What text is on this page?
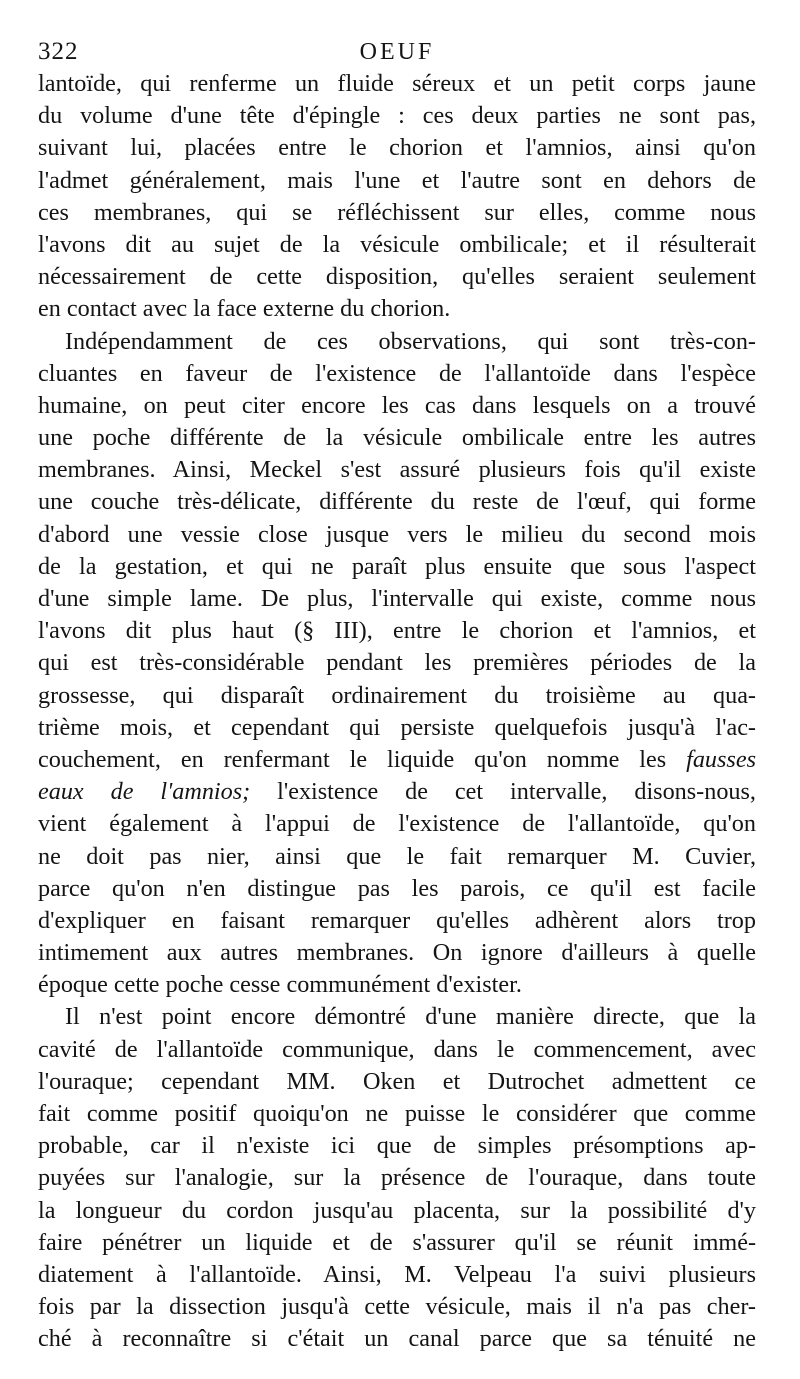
322	OEUF
lantoïde, qui renferme un fluide séreux et un petit corps jaune
du volume d'une tête d'épingle : ces deux parties ne sont pas,
suivant lui, placées entre le chorion et l'amnios, ainsi qu'on
l'admet généralement, mais l'une et l'autre sont en dehors de
ces membranes, qui se réfléchissent sur elles, comme nous
l'avons dit au sujet de la vésicule ombilicale; et il résulterait
nécessairement de cette disposition, qu'elles seraient seulement
en contact avec la face externe du chorion.
Indépendamment de ces observations, qui sont très-con-
cluantes en faveur de l'existence de l'allantoïde dans l'espèce
humaine, on peut citer encore les cas dans lesquels on a trouvé
une poche différente de la vésicule ombilicale entre les autres
membranes. Ainsi, Meckel s'est assuré plusieurs fois qu'il existe
une couche très-délicate, différente du reste de l'œuf, qui forme
d'abord une vessie close jusque vers le milieu du second mois
de la gestation, et qui ne paraît plus ensuite que sous l'aspect
d'une simple lame. De plus, l'intervalle qui existe, comme nous
l'avons dit plus haut (§ III), entre le chorion et l'amnios, et
qui est très-considérable pendant les premières périodes de la
grossesse, qui disparaît ordinairement du troisième au qua-
trième mois, et cependant qui persiste quelquefois jusqu'à l'ac-
couchement, en renfermant le liquide qu'on nomme les fausses
eaux de l'amnios; l'existence de cet intervalle, disons-nous,
vient également à l'appui de l'existence de l'allantoïde, qu'on
ne doit pas nier, ainsi que le fait remarquer M. Cuvier,
parce qu'on n'en distingue pas les parois, ce qu'il est facile
d'expliquer en faisant remarquer qu'elles adhèrent alors trop
intimement aux autres membranes. On ignore d'ailleurs à quelle
époque cette poche cesse communément d'exister.
Il n'est point encore démontré d'une manière directe, que la
cavité de l'allantoïde communique, dans le commencement, avec
l'ouraque; cependant MM. Oken et Dutrochet admettent ce
fait comme positif quoiqu'on ne puisse le considérer que comme
probable, car il n'existe ici que de simples présomptions ap-
puyées sur l'analogie, sur la présence de l'ouraque, dans toute
la longueur du cordon jusqu'au placenta, sur la possibilité d'y
faire pénétrer un liquide et de s'assurer qu'il se réunit immé-
diatement à l'allantoïde. Ainsi, M. Velpeau l'a suivi plusieurs
fois par la dissection jusqu'à cette vésicule, mais il n'a pas cher-
ché à reconnaître si c'était un canal parce que sa ténuité ne
